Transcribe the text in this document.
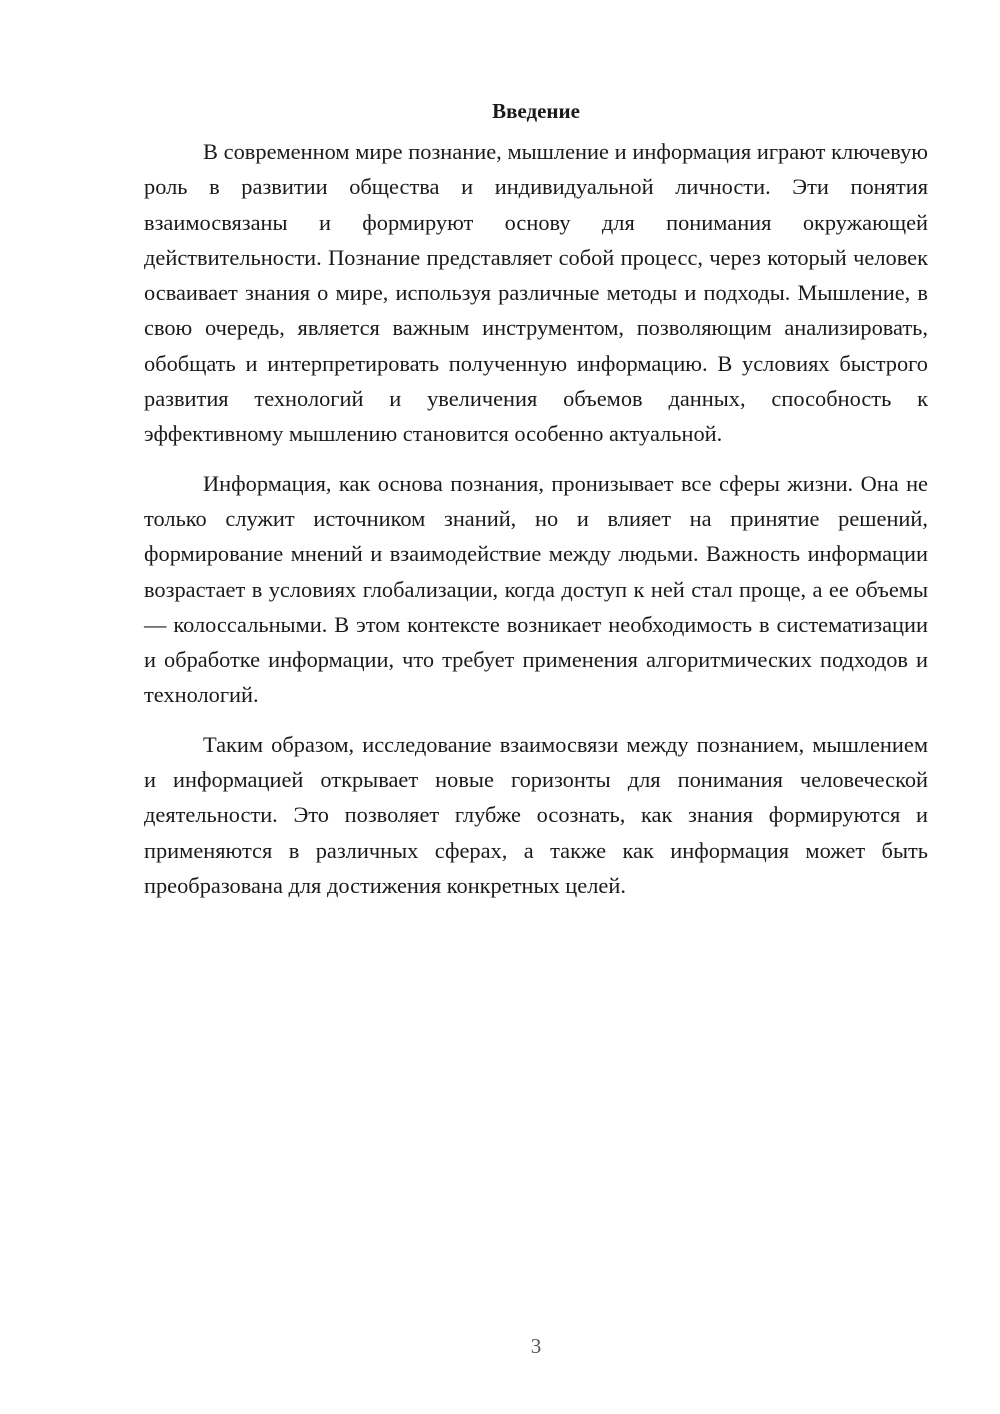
Введение

В современном мире познание, мышление и информация играют ключевую роль в развитии общества и индивидуальной личности. Эти понятия взаимосвязаны и формируют основу для понимания окружающей действительности. Познание представляет собой процесс, через который человек осваивает знания о мире, используя различные методы и подходы. Мышление, в свою очередь, является важным инструментом, позволяющим анализировать, обобщать и интерпретировать полученную информацию. В условиях быстрого развития технологий и увеличения объемов данных, способность к эффективному мышлению становится особенно актуальной.

Информация, как основа познания, пронизывает все сферы жизни. Она не только служит источником знаний, но и влияет на принятие решений, формирование мнений и взаимодействие между людьми. Важность информации возрастает в условиях глобализации, когда доступ к ней стал проще, а ее объемы — колоссальными. В этом контексте возникает необходимость в систематизации и обработке информации, что требует применения алгоритмических подходов и технологий.

Таким образом, исследование взаимосвязи между познанием, мышлением и информацией открывает новые горизонты для понимания человеческой деятельности. Это позволяет глубже осознать, как знания формируются и применяются в различных сферах, а также как информация может быть преобразована для достижения конкретных целей.

3
